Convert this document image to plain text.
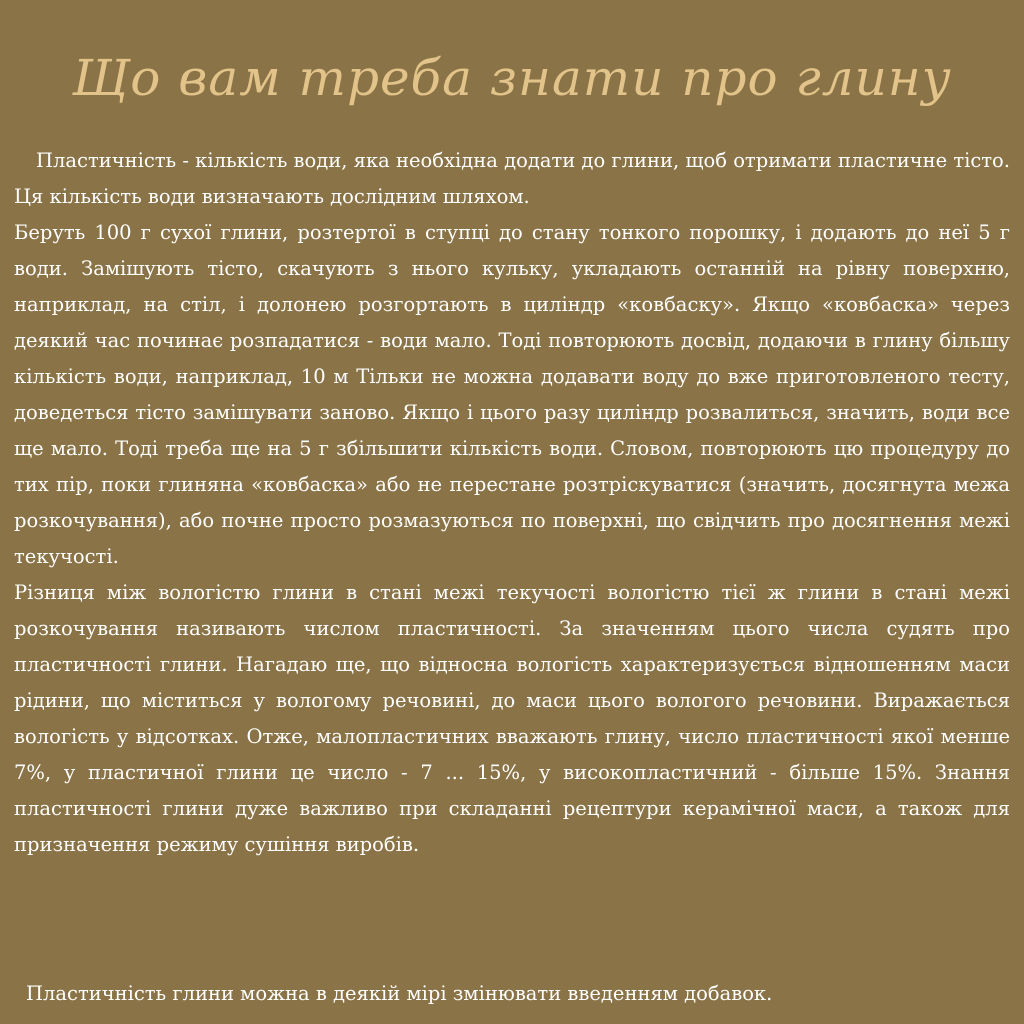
Що вам треба знати про глину

Пластичність - кількість води, яка необхідна додати до глини, щоб отримати пластичне тісто. Ця кількість води визначають дослідним шляхом.

Беруть 100 г сухої глини, розтертої в ступці до стану тонкого порошку, і додають до неї 5 г води. Замішують тісто, скачують з нього кульку, укладають останній на рівну поверхню, наприклад, на стіл, і долонею розгортають в циліндр «ковбаску». Якщо «ковбаска» через деякий час починає розпадатися - води мало. Тоді повторюють досвід, додаючи в глину більшу кількість води, наприклад, 10 м Тільки не можна додавати воду до вже приготовленого тесту, доведеться тісто замішувати заново. Якщо і цього разу циліндр розвалиться, значить, води все ще мало. Тоді треба ще на 5 г збільшити кількість води. Словом, повторюють цю процедуру до тих пір, поки глиняна «ковбаска» або не перестане розтріскуватися (значить, досягнута межа розкочування), або почне просто розмазуються по поверхні, що свідчить про досягнення межі текучості.

Різниця між вологістю глини в стані межі текучості вологістю тієї ж глини в стані межі розкочування називають числом пластичності. За значенням цього числа судять про пластичності глини. Нагадаю ще, що відносна вологість характеризується відношенням маси рідини, що міститься у вологому речовині, до маси цього вологого речовини. Виражається вологість у відсотках. Отже, малопластичних вважають глину, число пластичності якої менше 7%, у пластичної глини це число - 7 ... 15%, у високопластичний - більше 15%. Знання пластичності глини дуже важливо при складанні рецептури керамічної маси, а також для призначення режиму сушіння виробів.

Пластичність глини можна в деякій мірі змінювати введенням добавок.
